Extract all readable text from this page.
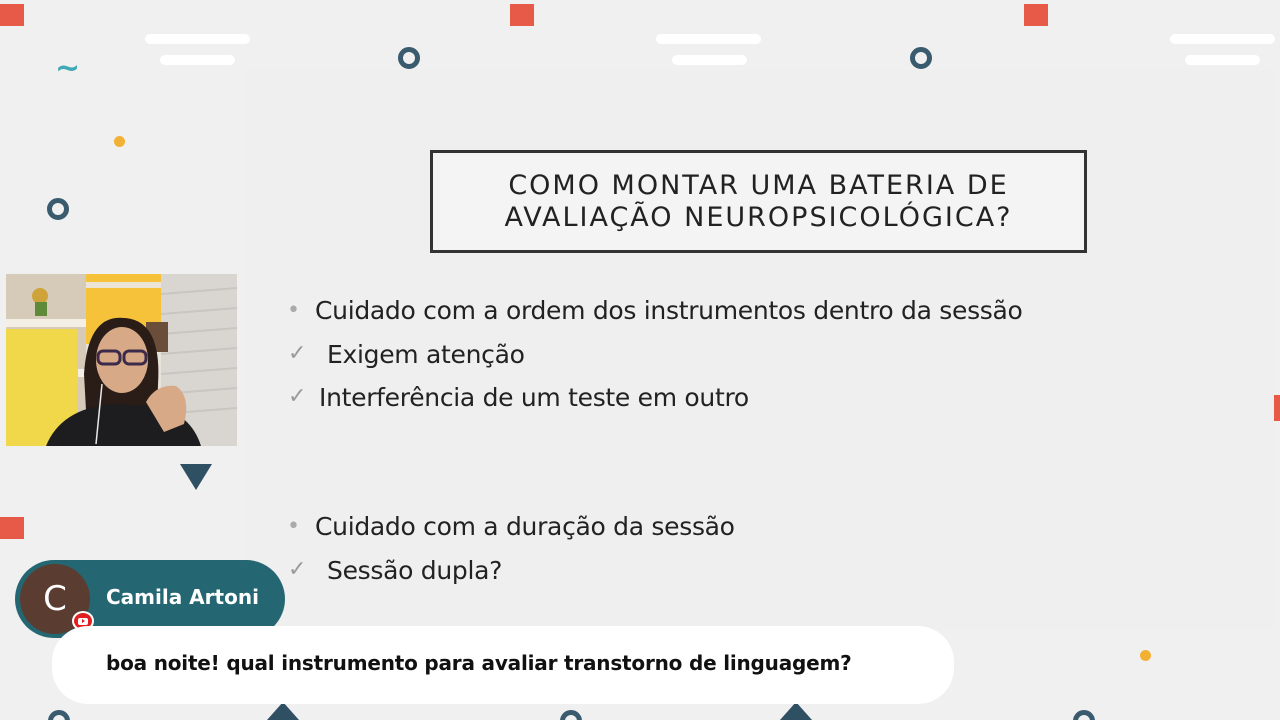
~
COMO MONTAR UMA BATERIA DE
AVALIAÇÃO NEUROPSICOLÓGICA?
• Cuidado com a ordem dos instrumentos dentro da sessão
✓ Exigem atenção
✓ Interferência de um teste em outro
• Cuidado com a duração da sessão
✓ Sessão dupla?
C	Camila Artoni
boa noite! qual instrumento para avaliar transtorno de linguagem?
